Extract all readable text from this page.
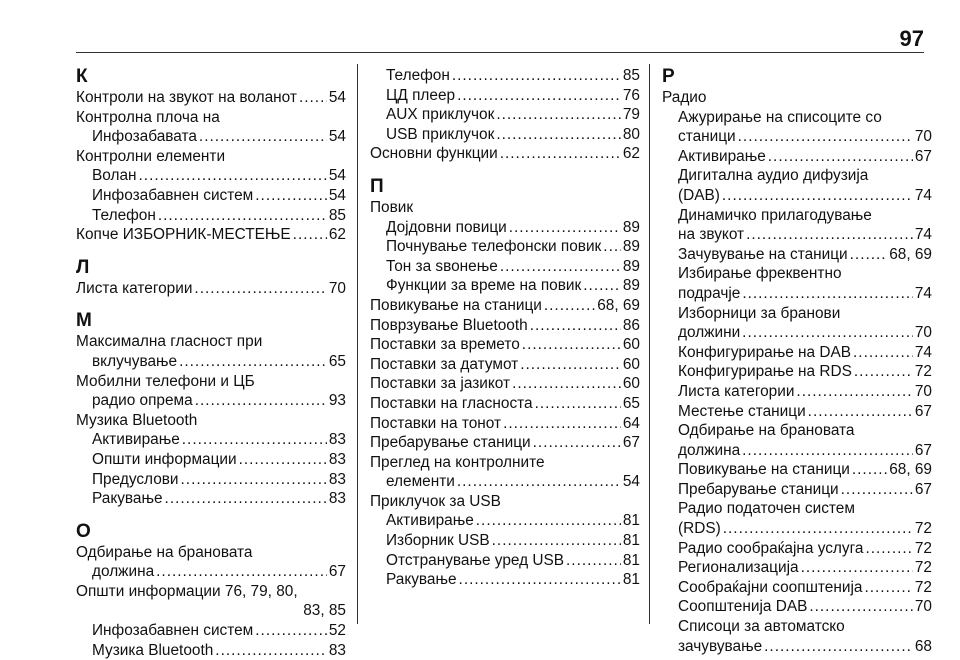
97
К
Контроли на звукот на воланот ..... 54
Контролна плоча на
Инфозабавата .....	54
Контролни елементи
Волан .....	54
Инфозабавнен систем .....	54
Телефон .....	85
Копче ИЗБОРНИК-МЕСТЕЊЕ ..... 62
Л
Листа категории .....	70
М
Максимална гласност при
вклучување .....	65
Мобилни телефони и ЦБ
радио опрема .....	93
Музика Bluetooth
Активирање .....	83
Општи информации .....	83
Предуслови .....	83
Ракување .....	83
О
Одбирање на брановата
должина .....	67
Општи информации 76, 79, 80,
83, 85
Инфозабавнен систем .....	52
Музика Bluetooth .....	83
Телефон .....	85
ЦД плеер .....	76
AUX приклучок .....	79
USB приклучок .....	80
Основни функции .....	62
П
Повик
Дојдовни повици .....	89
Почнување телефонски повик ..... 89
Тон за ѕвонење .....	89
Функции за време на повик .....	89
Повикување на станици .....	68, 69
Поврзување Bluetooth .....	86
Поставки за времето .....	60
Поставки за датумот .....	60
Поставки за јазикот .....	60
Поставки на гласноста .....	65
Поставки на тонот .....	64
Пребарување станици .....	67
Преглед на контролните
елементи .....	54
Приклучок за USB
Активирање .....	81
Изборник USB .....	81
Отстранување уред USB .....	81
Ракување .....	81
Р
Радио
Ажурирање на списоците со
станици .....	70
Активирање .....	67
Дигитална аудио дифузија
(DAB) .....	74
Динамичко прилагодување
на звукот .....	74
Зачувување на станици .....	68, 69
Избирање фреквентно
подрачје .....	74
Изборници за бранови
должини .....	70
Конфигурирање на DAB .....	74
Конфигурирање на RDS .....	72
Листа категории .....	70
Местење станици .....	67
Одбирање на брановата
должина .....	67
Повикување на станици .....	68, 69
Пребарување станици .....	67
Радио податочен систем
(RDS) .....	72
Радио сообраќајна услуга .....	72
Регионализација .....	72
Сообраќајни соопштенија .....	72
Соопштенија DAB .....	70
Списоци за автоматско
зачувување .....	68
